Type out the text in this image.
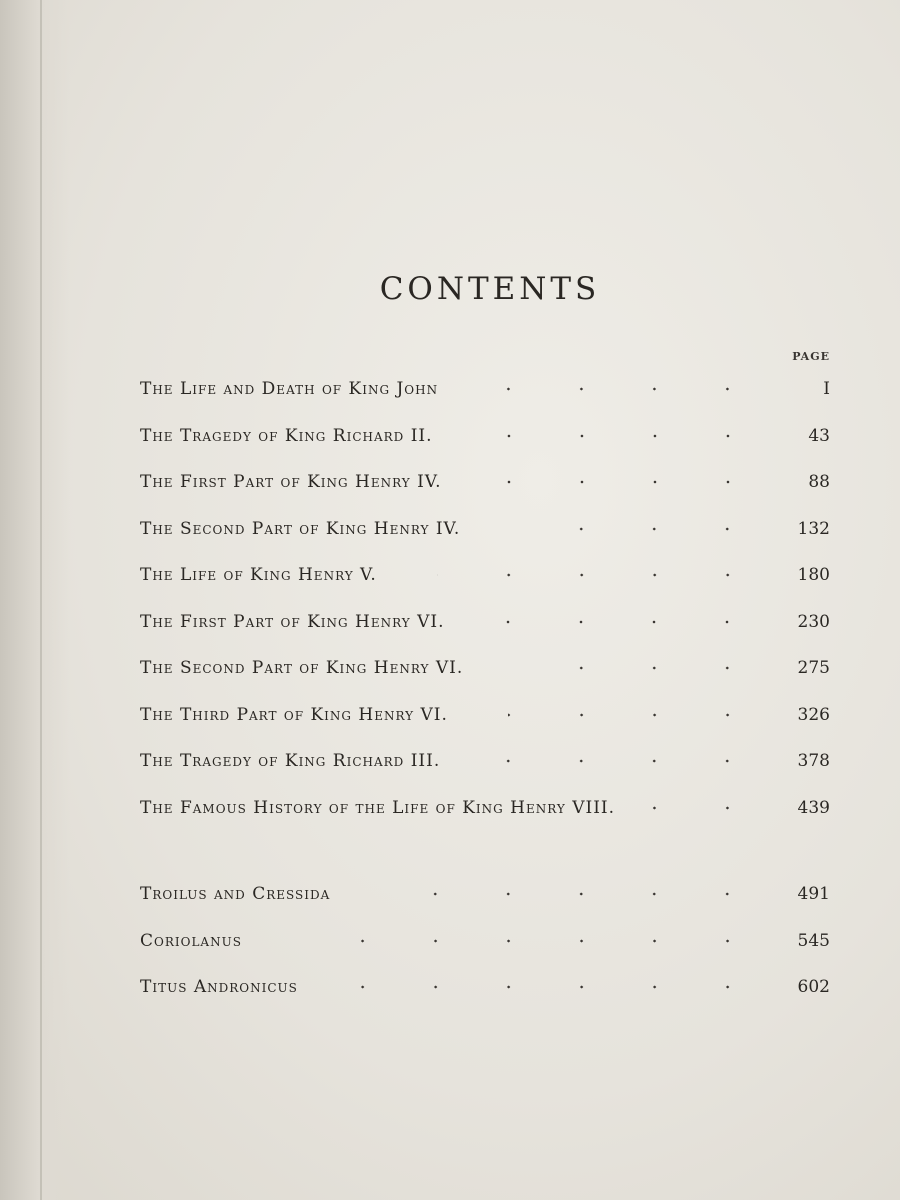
CONTENTS
PAGE
The Life and Death of King John	I
The Tragedy of King Richard II.	43
The First Part of King Henry IV.	88
The Second Part of King Henry IV.	132
The Life of King Henry V.	180
The First Part of King Henry VI.	230
The Second Part of King Henry VI.	275
The Third Part of King Henry VI.	326
The Tragedy of King Richard III.	378
The Famous History of the Life of King Henry VIII.	439
Troilus and Cressida	491
Coriolanus	545
Titus Andronicus	602
